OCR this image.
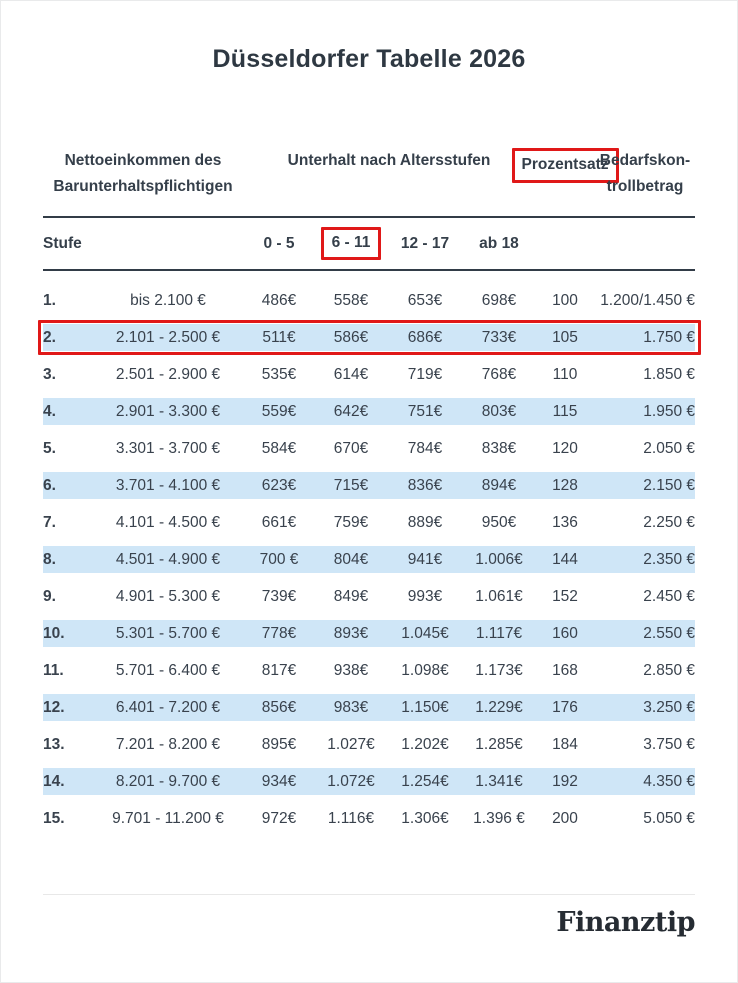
Düsseldorfer Tabelle 2026
Nettoeinkommen des
Barunterhaltspflichtigen
Unterhalt nach Altersstufen	Prozentsatz
Bedarfskon-
trollbetrag
Stufe	0 - 5	6 - 11	12 - 17	ab 18
1.	bis 2.100 €	486€	558€	653€	698€	100	1.200/1.450 €
2.	2.101 - 2.500 €	511€	586€	686€	733€	105	1.750 €
3.	2.501 - 2.900 €	535€	614€	719€	768€	110	1.850 €
4.	2.901 - 3.300 €	559€	642€	751€	803€	115	1.950 €
5.	3.301 - 3.700 €	584€	670€	784€	838€	120	2.050 €
6.	3.701 - 4.100 €	623€	715€	836€	894€	128	2.150 €
7.	4.101 - 4.500 €	661€	759€	889€	950€	136	2.250 €
8.	4.501 - 4.900 €	700 €	804€	941€	1.006€	144	2.350 €
9.	4.901 - 5.300 €	739€	849€	993€	1.061€	152	2.450 €
10.	5.301 - 5.700 €	778€	893€	1.045€	1.117€	160	2.550 €
11.	5.701 - 6.400 €	817€	938€	1.098€	1.173€	168	2.850 €
12.	6.401 - 7.200 €	856€	983€	1.150€	1.229€	176	3.250 €
13.	7.201 - 8.200 €	895€	1.027€	1.202€	1.285€	184	3.750 €
14.	8.201 - 9.700 €	934€	1.072€	1.254€	1.341€	192	4.350 €
15.	9.701 - 11.200 €	972€	1.116€	1.306€	1.396 €	200	5.050 €
Finanztip
